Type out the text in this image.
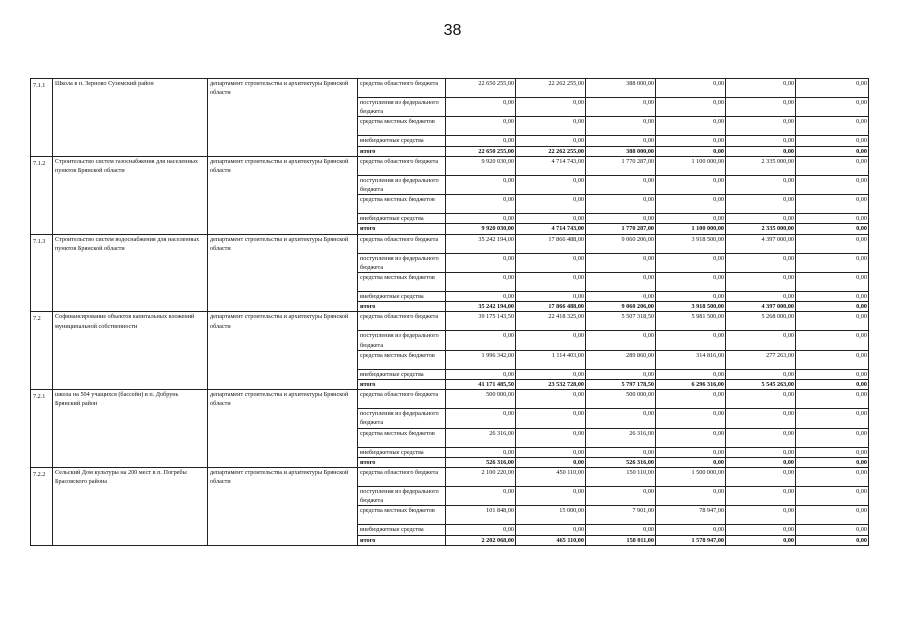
38
7.1.1	Школа в п. Зерново Суземский район	департамент строительства и архитектуры Брянской области	средства областного бюджета	22 650 255,00	22 262 255,00	388 000,00	0,00	0,00	0,00
			поступления из федерального бюджета	0,00	0,00	0,00	0,00	0,00	0,00
			средства местных бюджетов	0,00	0,00	0,00	0,00	0,00	0,00
			внебюджетные средства	0,00	0,00	0,00	0,00	0,00	0,00
			итого	22 650 255,00	22 262 255,00	388 000,00	0,00	0,00	0,00
7.1.2	Строительство систем газоснабжения для населенных пунктов Брянской области	департамент строительства и архитектуры Брянской области	средства областного бюджета	9 920 030,00	4 714 743,00	1 770 287,00	1 100 000,00	2 335 000,00	0,00
			поступления из федерального бюджета	0,00	0,00	0,00	0,00	0,00	0,00
			средства местных бюджетов	0,00	0,00	0,00	0,00	0,00	0,00
			внебюджетные средства	0,00	0,00	0,00	0,00	0,00	0,00
			итого	9 920 030,00	4 714 743,00	1 770 287,00	1 100 000,00	2 335 000,00	0,00
7.1.3	Строительство систем водоснабжения для населенных пунктов Брянской области	департамент строительства и архитектуры Брянской области	средства областного бюджета	35 242 194,00	17 866 488,00	9 060 206,00	3 918 500,00	4 397 000,00	0,00
			поступления из федерального бюджета	0,00	0,00	0,00	0,00	0,00	0,00
			средства местных бюджетов	0,00	0,00	0,00	0,00	0,00	0,00
			внебюджетные средства	0,00	0,00	0,00	0,00	0,00	0,00
			итого	35 242 194,00	17 866 488,00	9 060 206,00	3 918 500,00	4 397 000,00	0,00
7.2	Софинансирование объектов капитальных вложений муниципальной собственности	департамент строительства и архитектуры Брянской области	средства областного бюджета	39 175 143,50	22 418 325,00	5 507 318,50	5 981 500,00	5 268 000,00	0,00
			поступления из федерального бюджета	0,00	0,00	0,00	0,00	0,00	0,00
			средства местных бюджетов	1 996 342,00	1 114 403,00	289 860,00	314 816,00	277 263,00	0,00
			внебюджетные средства	0,00	0,00	0,00	0,00	0,00	0,00
			итого	41 171 485,50	23 532 728,00	5 797 178,50	6 296 316,00	5 545 263,00	0,00
7.2.1	школа на 504 учащихся (бассейн) в п. Добрунь Брянский район	департамент строительства и архитектуры Брянской области	средства областного бюджета	500 000,00	0,00	500 000,00	0,00	0,00	0,00
			поступления из федерального бюджета	0,00	0,00	0,00	0,00	0,00	0,00
			средства местных бюджетов	26 316,00	0,00	26 316,00	0,00	0,00	0,00
			внебюджетные средства	0,00	0,00	0,00	0,00	0,00	0,00
			итого	526 316,00	0,00	526 316,00	0,00	0,00	0,00
7.2.2	Сельский Дом культуры на 200 мест в п. Погребы Брасовского района	департамент строительства и архитектуры Брянской области	средства областного бюджета	2 100 220,00	450 110,00	150 110,00	1 500 000,00	0,00	0,00
			поступления из федерального бюджета	0,00	0,00	0,00	0,00	0,00	0,00
			средства местных бюджетов	101 848,00	15 000,00	7 901,00	78 947,00	0,00	0,00
			внебюджетные средства	0,00	0,00	0,00	0,00	0,00	0,00
			итого	2 202 068,00	465 110,00	158 011,00	1 578 947,00	0,00	0,00
